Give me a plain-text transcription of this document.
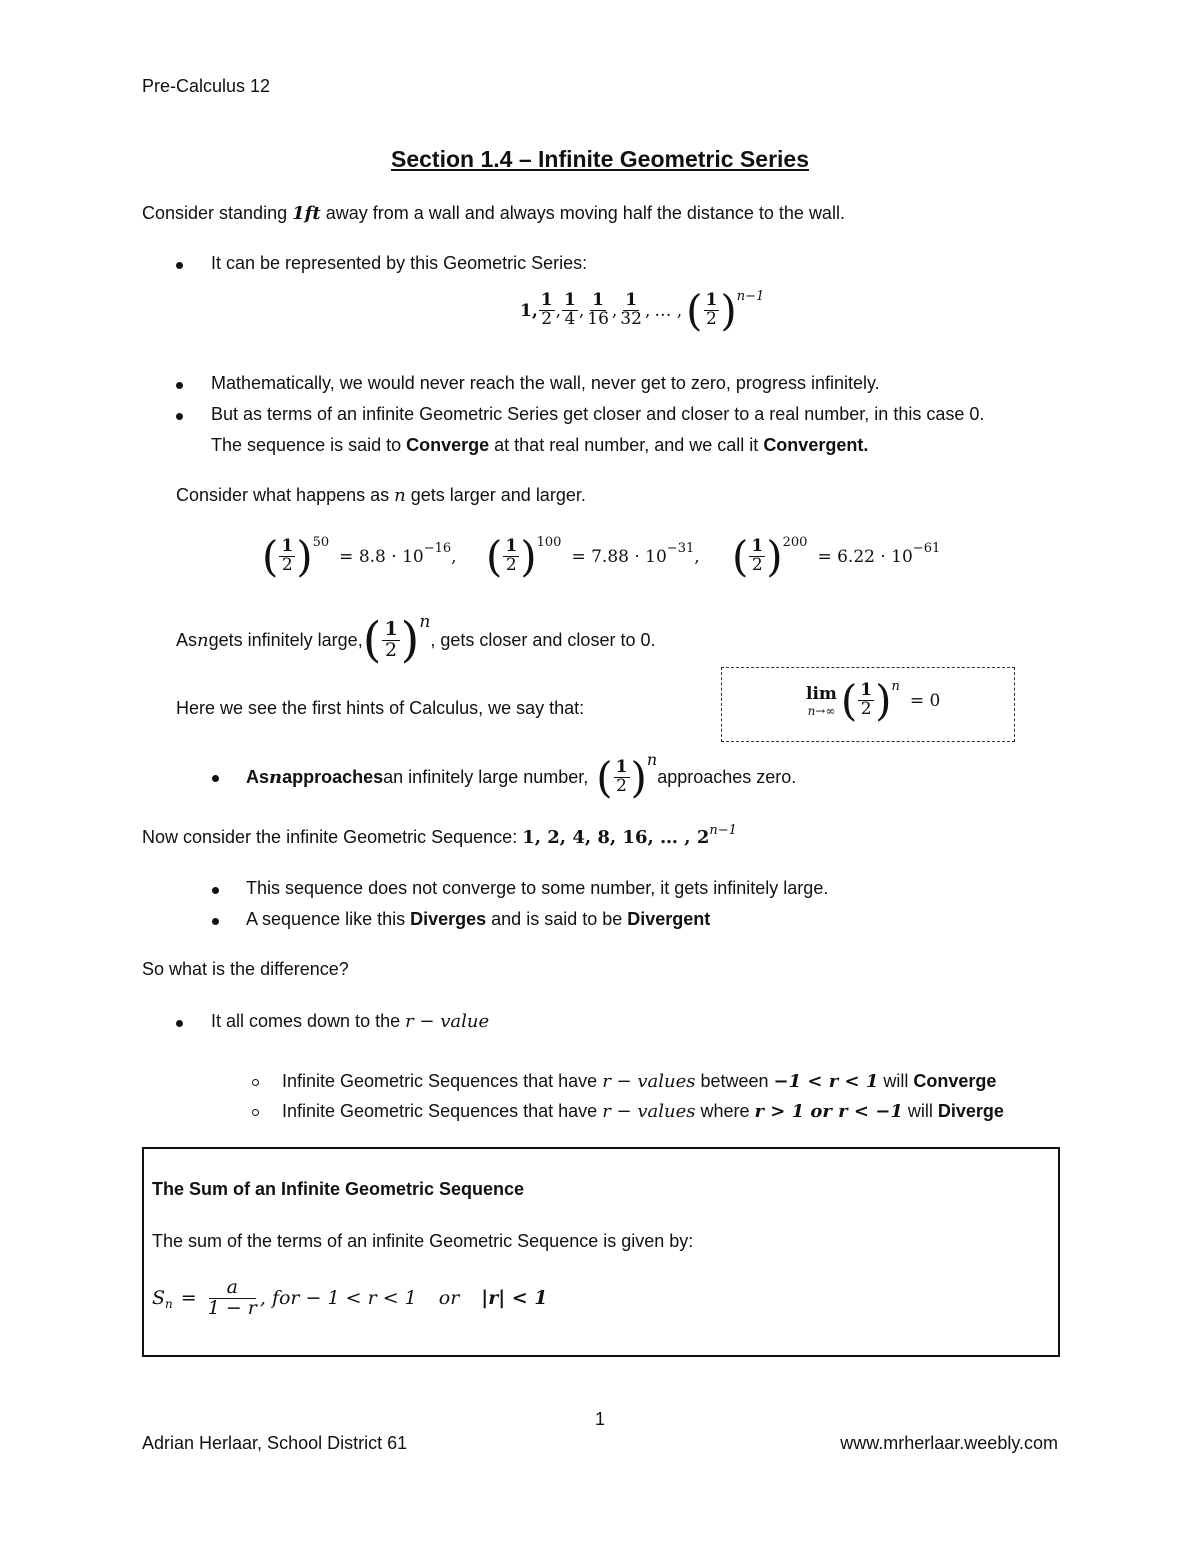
Pre-Calculus 12
Section 1.4 – Infinite Geometric Series
Consider standing 1ft away from a wall and always moving half the distance to the wall.
It can be represented by this Geometric Series:
1, $\frac{1}{2}$ , $\frac{1}{4}$ , $\frac{1}{16}$ , $\frac{1}{32}$ , … , ( $\frac{1}{2} )^{n-1}$
Mathematically, we would never reach the wall, never get to zero, progress infinitely.
But as terms of an infinite Geometric Series get closer and closer to a real number, in this case 0.
The sequence is said to Converge at that real number, and we call it Convergent.
Consider what happens as n gets larger and larger.
( $\frac{1}{2} )^{50}$
= $8.8 \cdot 10^{-16}$ , ( $\frac{1}{2} )^{100}$
= $7.88 \cdot 10^{-31}$ , ( $\frac{1}{2} )^{200}$
= $6.22 \cdot 10^{-61}$
As n gets infinitely large, ( $\frac{1}{2} )^n$
, gets closer and closer to 0.
Here we see the first hints of Calculus, we say that:
lim
n→∞ ( $\frac{1}{2} )^n$
= 0
As n approaches an infinitely large number, ( $\frac{1}{2} )^n$
approaches zero.
Now consider the infinite Geometric Sequence: 1, 2, 4, 8, 16, … , $2^{n-1}$
This sequence does not converge to some number, it gets infinitely large.
A sequence like this Diverges and is said to be Divergent
So what is the difference?
It all comes down to the r − value
Infinite Geometric Sequences that have r − values between −1 < r < 1 will Converge
Infinite Geometric Sequences that have r − values where r > 1 or r < −1 will Diverge
The Sum of an Infinite Geometric Sequence
The sum of the terms of an infinite Geometric Sequence is given by:
$S_n = \frac{a}{1 - r}$ , for − 1 < r < 1 or |r| < 1
1
Adrian Herlaar, School District 61	www.mrherlaar.weebly.com
